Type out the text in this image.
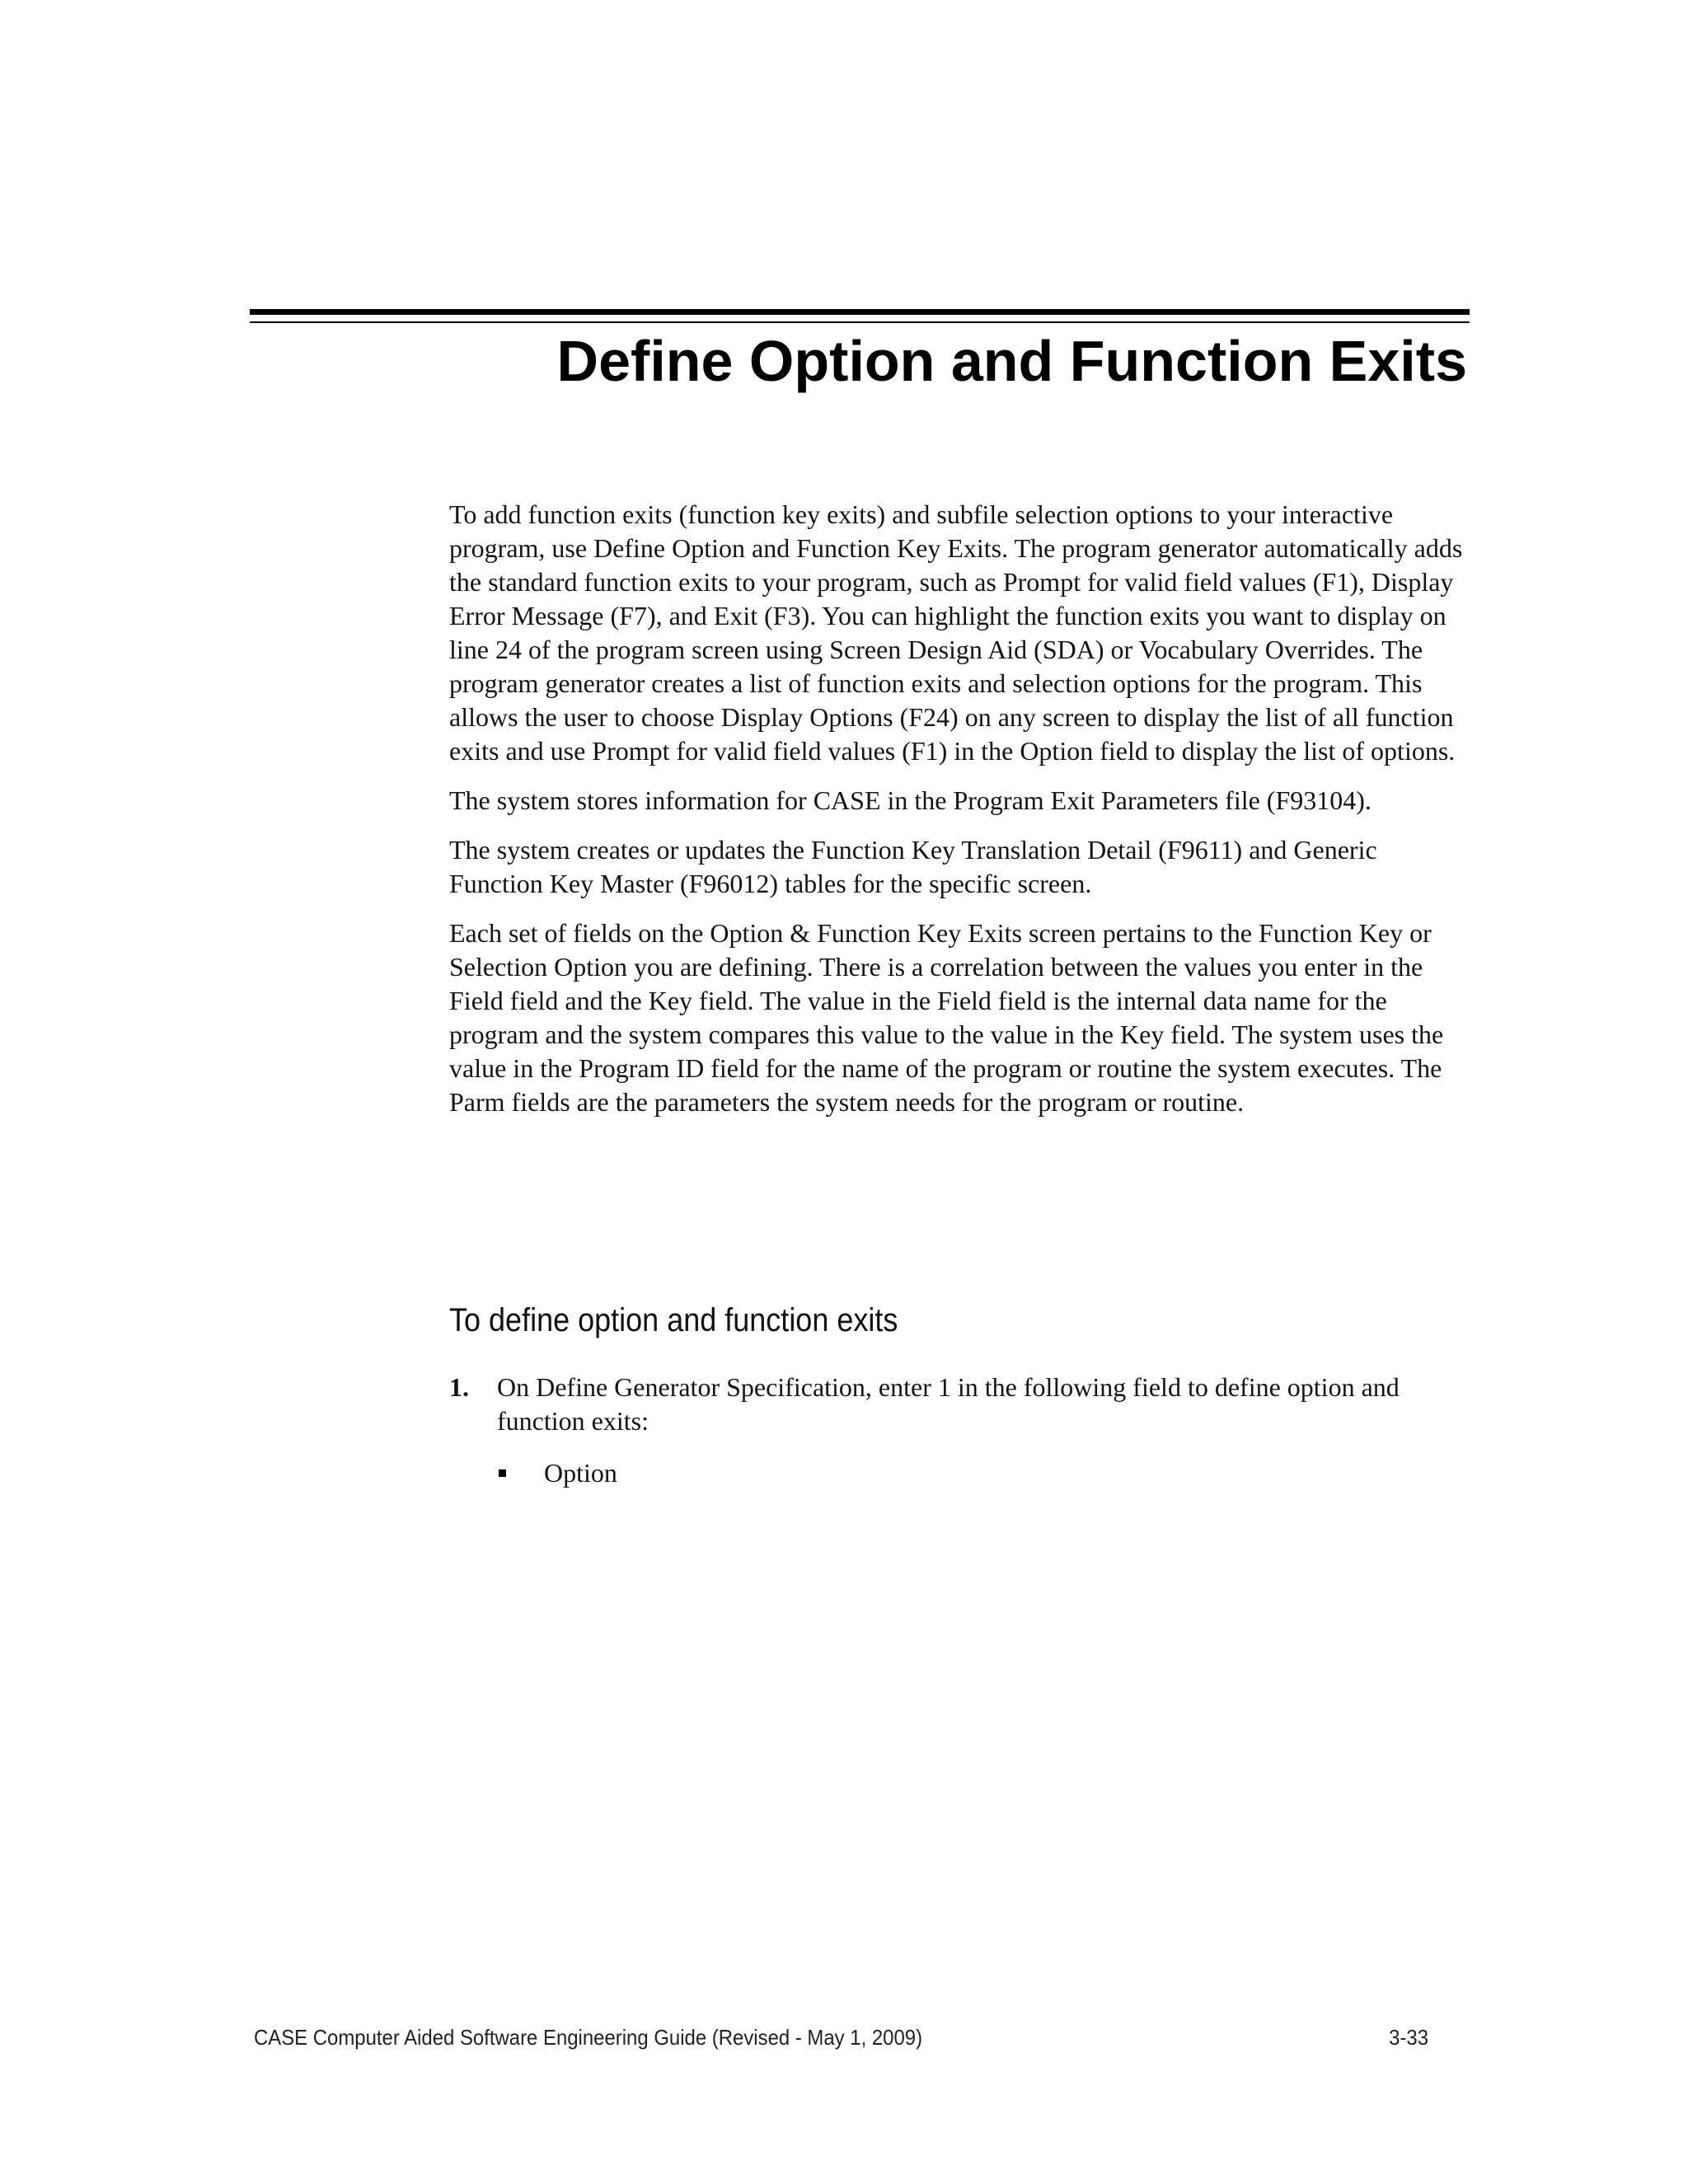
Define Option and Function Exits

To add function exits (function key exits) and subfile selection options to your interactive program, use Define Option and Function Key Exits. The program generator automatically adds the standard function exits to your program, such as Prompt for valid field values (F1), Display Error Message (F7), and Exit (F3). You can highlight the function exits you want to display on line 24 of the program screen using Screen Design Aid (SDA) or Vocabulary Overrides. The program generator creates a list of function exits and selection options for the program. This allows the user to choose Display Options (F24) on any screen to display the list of all function exits and use Prompt for valid field values (F1) in the Option field to display the list of options.

The system stores information for CASE in the Program Exit Parameters file (F93104).

The system creates or updates the Function Key Translation Detail (F9611) and Generic Function Key Master (F96012) tables for the specific screen.

Each set of fields on the Option & Function Key Exits screen pertains to the Function Key or Selection Option you are defining. There is a correlation between the values you enter in the Field field and the Key field. The value in the Field field is the internal data name for the program and the system compares this value to the value in the Key field. The system uses the value in the Program ID field for the name of the program or routine the system executes. The Parm fields are the parameters the system needs for the program or routine.

To define option and function exits
1. On Define Generator Specification, enter 1 in the following field to define option and function exits:
Option
CASE Computer Aided Software Engineering Guide (Revised - May 1, 2009)	3-33
